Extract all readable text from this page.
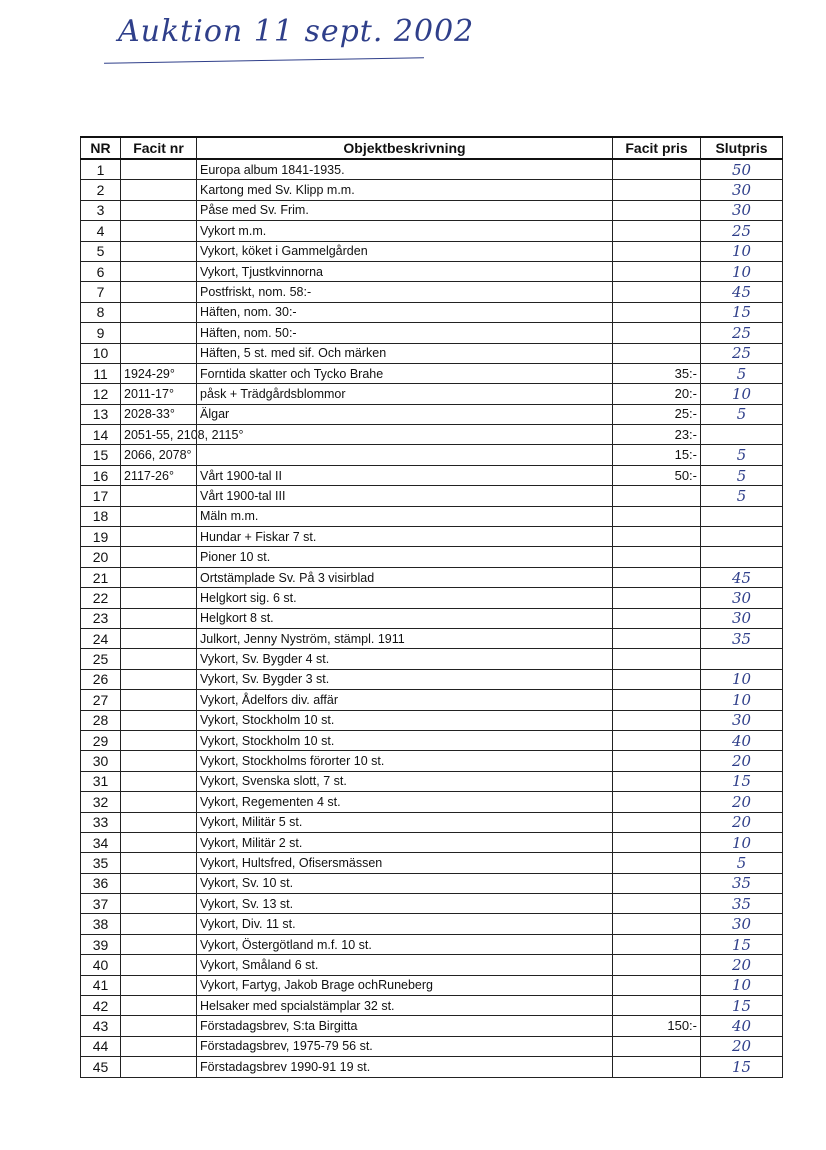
Auktion 11 sept. 2002
NR	Facit nr	Objektbeskrivning	Facit pris	Slutpris
1		Europa album 1841-1935.		50
2		Kartong med Sv. Klipp m.m.		30
3		Påse med Sv. Frim.		30
4		Vykort m.m.		25
5		Vykort, köket i Gammelgården		10
6		Vykort, Tjustkvinnorna		10
7		Postfriskt, nom. 58:-		45
8		Häften, nom. 30:-		15
9		Häften, nom. 50:-		25
10		Häften, 5 st. med sif. Och märken		25
11	1924-29°	Forntida skatter och Tycko Brahe	35:-	5
12	2011-17°	påsk + Trädgårdsblommor	20:-	10
13	2028-33°	Älgar	25:-	5
14	2051-55, 2108, 2115°		23:-	
15	2066, 2078°		15:-	5
16	2117-26°	Vårt 1900-tal II	50:-	5
17		Vårt 1900-tal III		5
18		Mäln m.m.		
19		Hundar + Fiskar 7 st.		
20		Pioner 10 st.		
21		Ortstämplade Sv. På 3 visirblad		45
22		Helgkort sig. 6 st.		30
23		Helgkort 8 st.		30
24		Julkort, Jenny Nyström, stämpl. 1911		35
25		Vykort, Sv. Bygder 4 st.		
26		Vykort, Sv. Bygder 3 st.		10
27		Vykort, Ådelfors div. affär		10
28		Vykort, Stockholm 10 st.		30
29		Vykort, Stockholm 10 st.		40
30		Vykort, Stockholms förorter 10 st.		20
31		Vykort, Svenska slott, 7 st.		15
32		Vykort, Regementen 4 st.		20
33		Vykort, Militär 5 st.		20
34		Vykort, Militär 2 st.		10
35		Vykort, Hultsfred, Ofisersmässen		5
36		Vykort, Sv. 10 st.		35
37		Vykort, Sv. 13 st.		35
38		Vykort, Div. 11 st.		30
39		Vykort, Östergötland m.f. 10 st.		15
40		Vykort, Småland 6 st.		20
41		Vykort, Fartyg, Jakob Brage ochRuneberg		10
42		Helsaker med spcialstämplar 32 st.		15
43		Förstadagsbrev, S:ta Birgitta	150:-	40
44		Förstadagsbrev, 1975-79 56 st.		20
45		Förstadagsbrev 1990-91 19 st.		15
